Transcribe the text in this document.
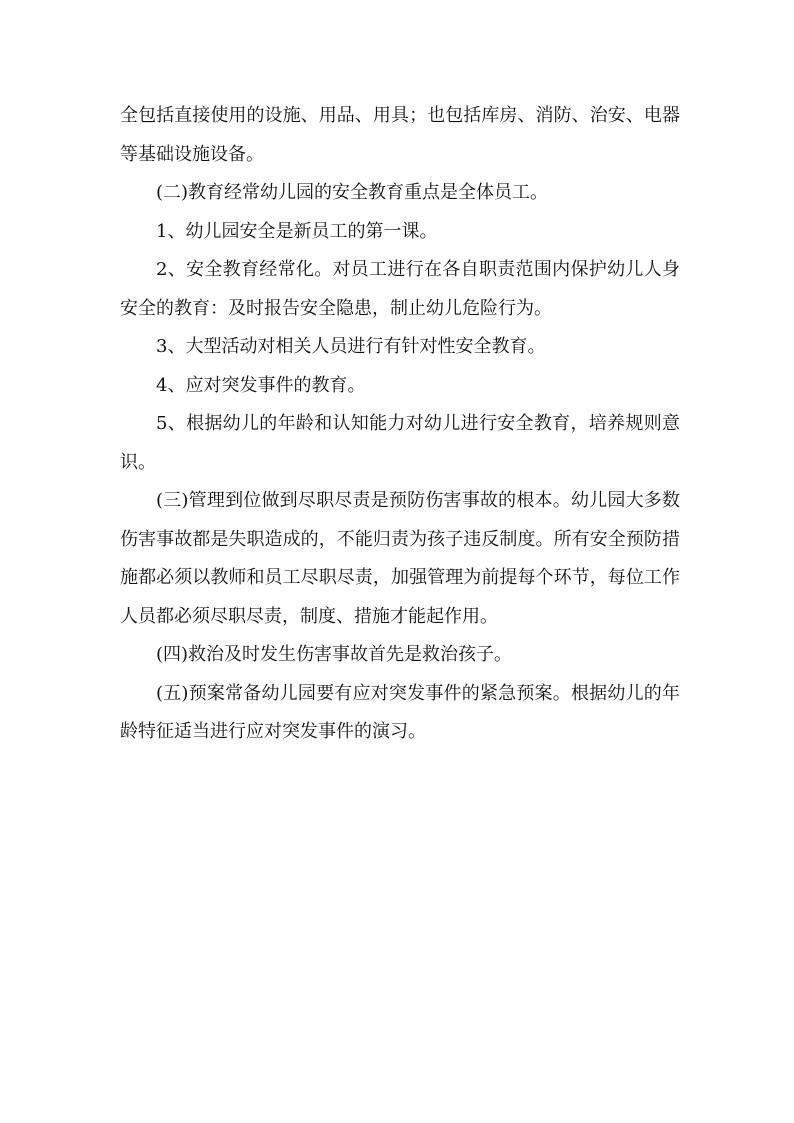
全包括直接使用的设施、用品、用具；也包括库房、消防、治安、电器等基础设施设备。

(二)教育经常幼儿园的安全教育重点是全体员工。

1、幼儿园安全是新员工的第一课。

2、安全教育经常化。对员工进行在各自职责范围内保护幼儿人身安全的教育：及时报告安全隐患，制止幼儿危险行为。

3、大型活动对相关人员进行有针对性安全教育。

4、应对突发事件的教育。

5、根据幼儿的年龄和认知能力对幼儿进行安全教育，培养规则意识。

(三)管理到位做到尽职尽责是预防伤害事故的根本。幼儿园大多数伤害事故都是失职造成的，不能归责为孩子违反制度。所有安全预防措施都必须以教师和员工尽职尽责，加强管理为前提每个环节，每位工作人员都必须尽职尽责，制度、措施才能起作用。

(四)救治及时发生伤害事故首先是救治孩子。

(五)预案常备幼儿园要有应对突发事件的紧急预案。根据幼儿的年龄特征适当进行应对突发事件的演习。
